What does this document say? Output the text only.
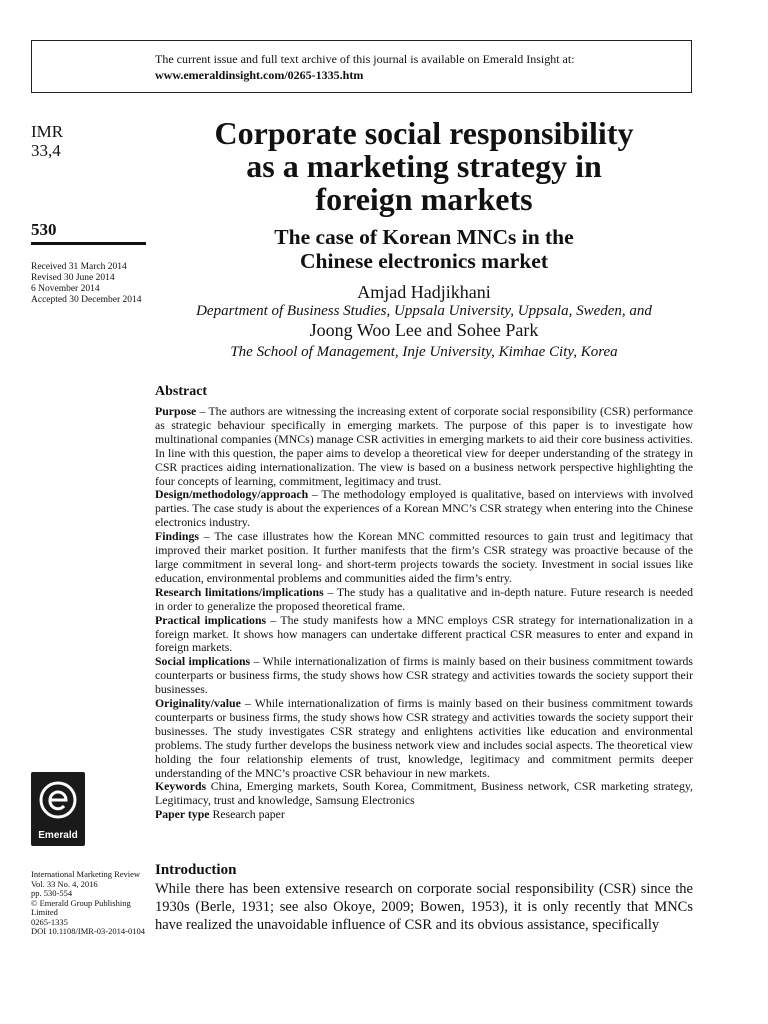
The current issue and full text archive of this journal is available on Emerald Insight at:
www.emeraldinsight.com/0265-1335.htm
IMR
33,4
530
Received 31 March 2014
Revised 30 June 2014
6 November 2014
Accepted 30 December 2014
Emerald
International Marketing Review
Vol. 33 No. 4, 2016
pp. 530-554
© Emerald Group Publishing Limited
0265-1335
DOI 10.1108/IMR-03-2014-0104
Corporate social responsibility
as a marketing strategy in
foreign markets
The case of Korean MNCs in the
Chinese electronics market
Amjad Hadjikhani
Department of Business Studies, Uppsala University, Uppsala, Sweden, and
Joong Woo Lee and Sohee Park
The School of Management, Inje University, Kimhae City, Korea
Abstract

Purpose – The authors are witnessing the increasing extent of corporate social responsibility (CSR) performance as strategic behaviour specifically in emerging markets. The purpose of this paper is to investigate how multinational companies (MNCs) manage CSR activities in emerging markets to aid their core business activities. In line with this question, the paper aims to develop a theoretical view for deeper understanding of the strategy in CSR practices aiding internationalization. The view is based on a business network perspective highlighting the four concepts of learning, commitment, legitimacy and trust.

Design/methodology/approach – The methodology employed is qualitative, based on interviews with involved parties. The case study is about the experiences of a Korean MNC’s CSR strategy when entering into the Chinese electronics industry.

Findings – The case illustrates how the Korean MNC committed resources to gain trust and legitimacy that improved their market position. It further manifests that the firm’s CSR strategy was proactive because of the large commitment in several long- and short-term projects towards the society. Investment in social issues like education, environmental problems and communities aided the firm’s entry.

Research limitations/implications – The study has a qualitative and in-depth nature. Future research is needed in order to generalize the proposed theoretical frame.

Practical implications – The study manifests how a MNC employs CSR strategy for internationalization in a foreign market. It shows how managers can undertake different practical CSR measures to enter and expand in foreign markets.

Social implications – While internationalization of firms is mainly based on their business commitment towards counterparts or business firms, the study shows how CSR strategy and activities towards the society support their businesses.

Originality/value – While internationalization of firms is mainly based on their business commitment towards counterparts or business firms, the study shows how CSR strategy and activities towards the society support their businesses. The study investigates CSR strategy and enlightens activities like education and environmental problems. The study further develops the business network view and includes social aspects. The theoretical view holding the four relationship elements of trust, knowledge, legitimacy and commitment permits deeper understanding of the MNC’s proactive CSR behaviour in new markets.

Keywords China, Emerging markets, South Korea, Commitment, Business network, CSR marketing strategy, Legitimacy, trust and knowledge, Samsung Electronics

Paper type Research paper

Introduction
While there has been extensive research on corporate social responsibility (CSR) since the 1930s (Berle, 1931; see also Okoye, 2009; Bowen, 1953), it is only recently that MNCs have realized the unavoidable influence of CSR and its obvious assistance, specifically
